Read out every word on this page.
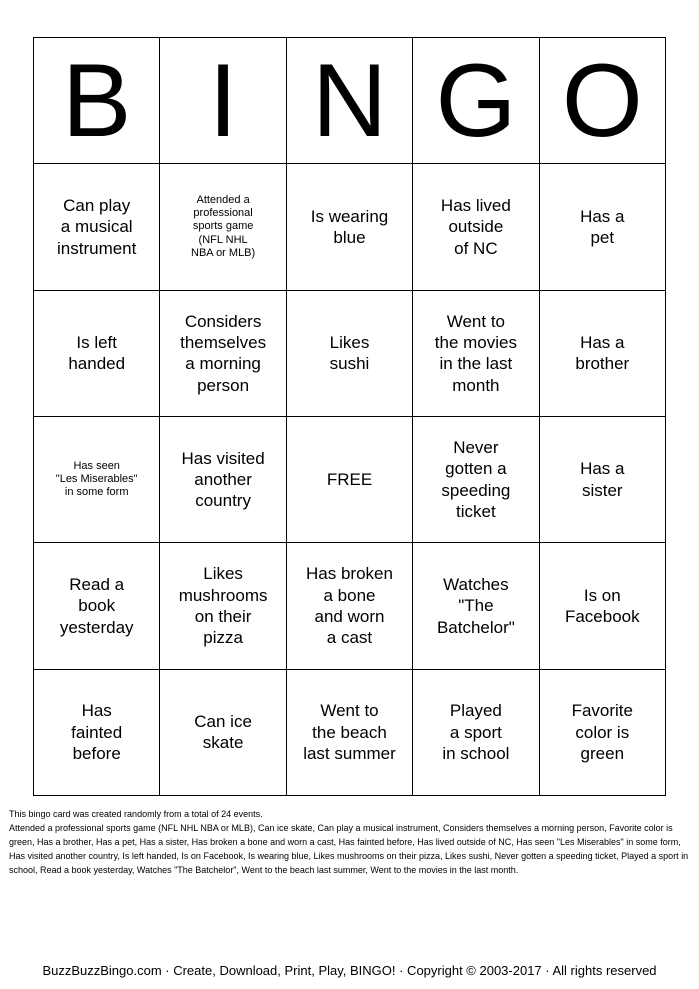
B I N G O
Can play
a musical
instrument
Attended a
professional
sports game
(NFL NHL
NBA or MLB)
Is wearing
blue
Has lived
outside
of NC
Has a
pet
Is left
handed
Considers
themselves
a morning
person
Likes
sushi
Went to
the movies
in the last
month
Has a
brother
Has seen
"Les Miserables"
in some form
Has visited
another
country
FREE
Never
gotten a
speeding
ticket
Has a
sister
Read a
book
yesterday
Likes
mushrooms
on their
pizza
Has broken
a bone
and worn
a cast
Watches
"The
Batchelor"
Is on
Facebook
Has
fainted
before
Can ice
skate
Went to
the beach
last summer
Played
a sport
in school
Favorite
color is
green

This bingo card was created randomly from a total of 24 events.

Attended a professional sports game (NFL NHL NBA or MLB), Can ice skate, Can play a musical instrument, Considers themselves a morning person, Favorite color is green, Has a brother, Has a pet, Has a sister, Has broken a bone and worn a cast, Has fainted before, Has lived outside of NC, Has seen "Les Miserables" in some form, Has visited another country, Is left handed, Is on Facebook, Is wearing blue, Likes mushrooms on their pizza, Likes sushi, Never gotten a speeding ticket, Played a sport in school, Read a book yesterday, Watches "The Batchelor", Went to the beach last summer, Went to the movies in the last month.

BuzzBuzzBingo.com · Create, Download, Print, Play, BINGO! · Copyright © 2003-2017 · All rights reserved
